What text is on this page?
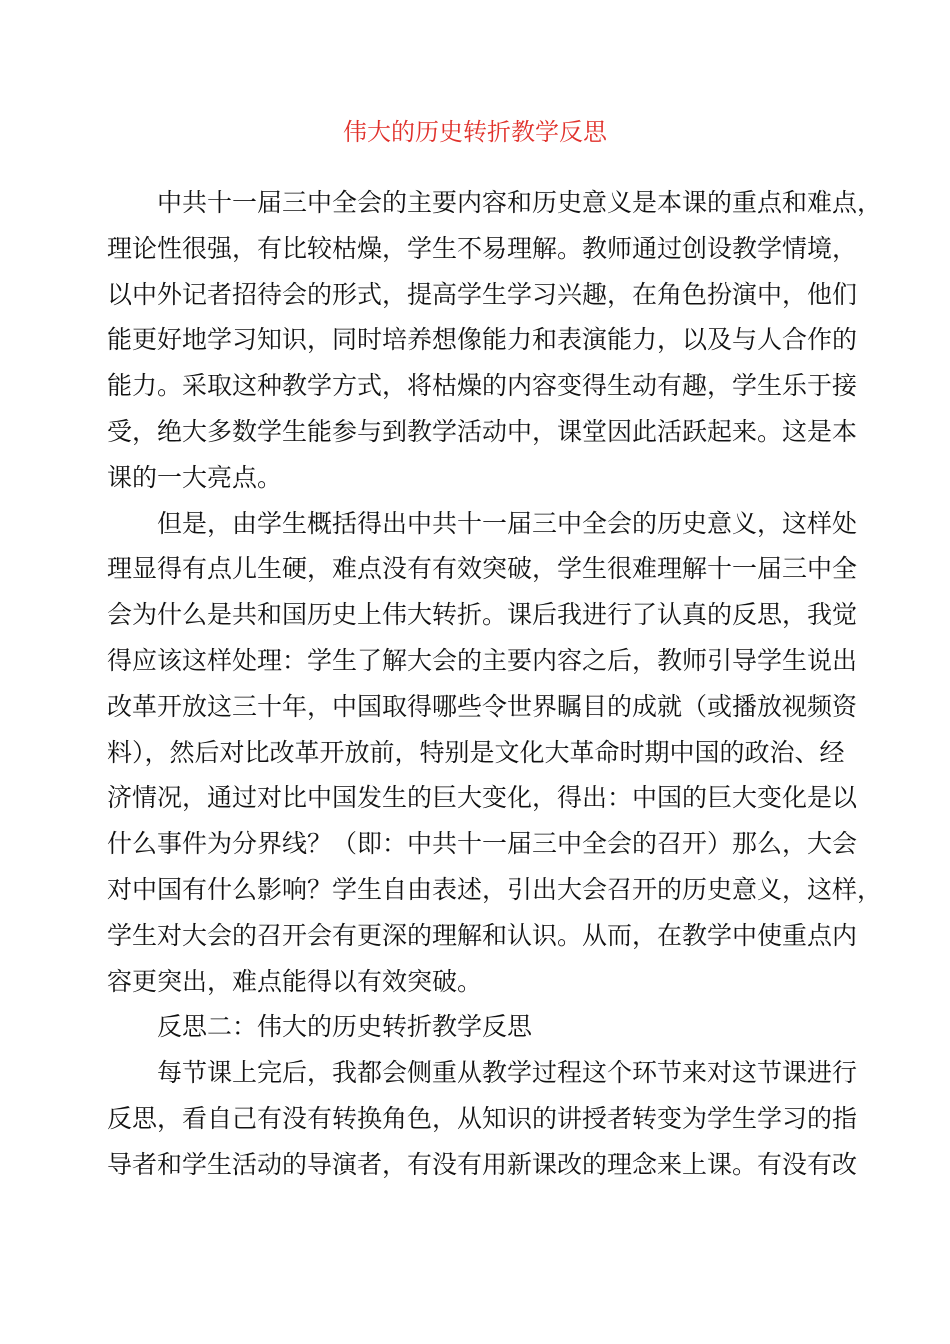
伟大的历史转折教学反思
中共十一届三中全会的主要内容和历史意义是本课的重点和难点，
理论性很强，有比较枯燥，学生不易理解。教师通过创设教学情境，
以中外记者招待会的形式，提高学生学习兴趣，在角色扮演中，他们
能更好地学习知识，同时培养想像能力和表演能力，以及与人合作的
能力。采取这种教学方式，将枯燥的内容变得生动有趣，学生乐于接
受，绝大多数学生能参与到教学活动中，课堂因此活跃起来。这是本
课的一大亮点。
但是，由学生概括得出中共十一届三中全会的历史意义，这样处
理显得有点儿生硬，难点没有有效突破，学生很难理解十一届三中全
会为什么是共和国历史上伟大转折。课后我进行了认真的反思，我觉
得应该这样处理：学生了解大会的主要内容之后，教师引导学生说出
改革开放这三十年，中国取得哪些令世界瞩目的成就（或播放视频资
料），然后对比改革开放前，特别是文化大革命时期中国的政治、经
济情况，通过对比中国发生的巨大变化，得出：中国的巨大变化是以
什么事件为分界线？（即：中共十一届三中全会的召开）那么，大会
对中国有什么影响？学生自由表述，引出大会召开的历史意义，这样，
学生对大会的召开会有更深的理解和认识。从而，在教学中使重点内
容更突出，难点能得以有效突破。
反思二：伟大的历史转折教学反思
每节课上完后，我都会侧重从教学过程这个环节来对这节课进行
反思，看自己有没有转换角色，从知识的讲授者转变为学生学习的指
导者和学生活动的导演者，有没有用新课改的理念来上课。有没有改
